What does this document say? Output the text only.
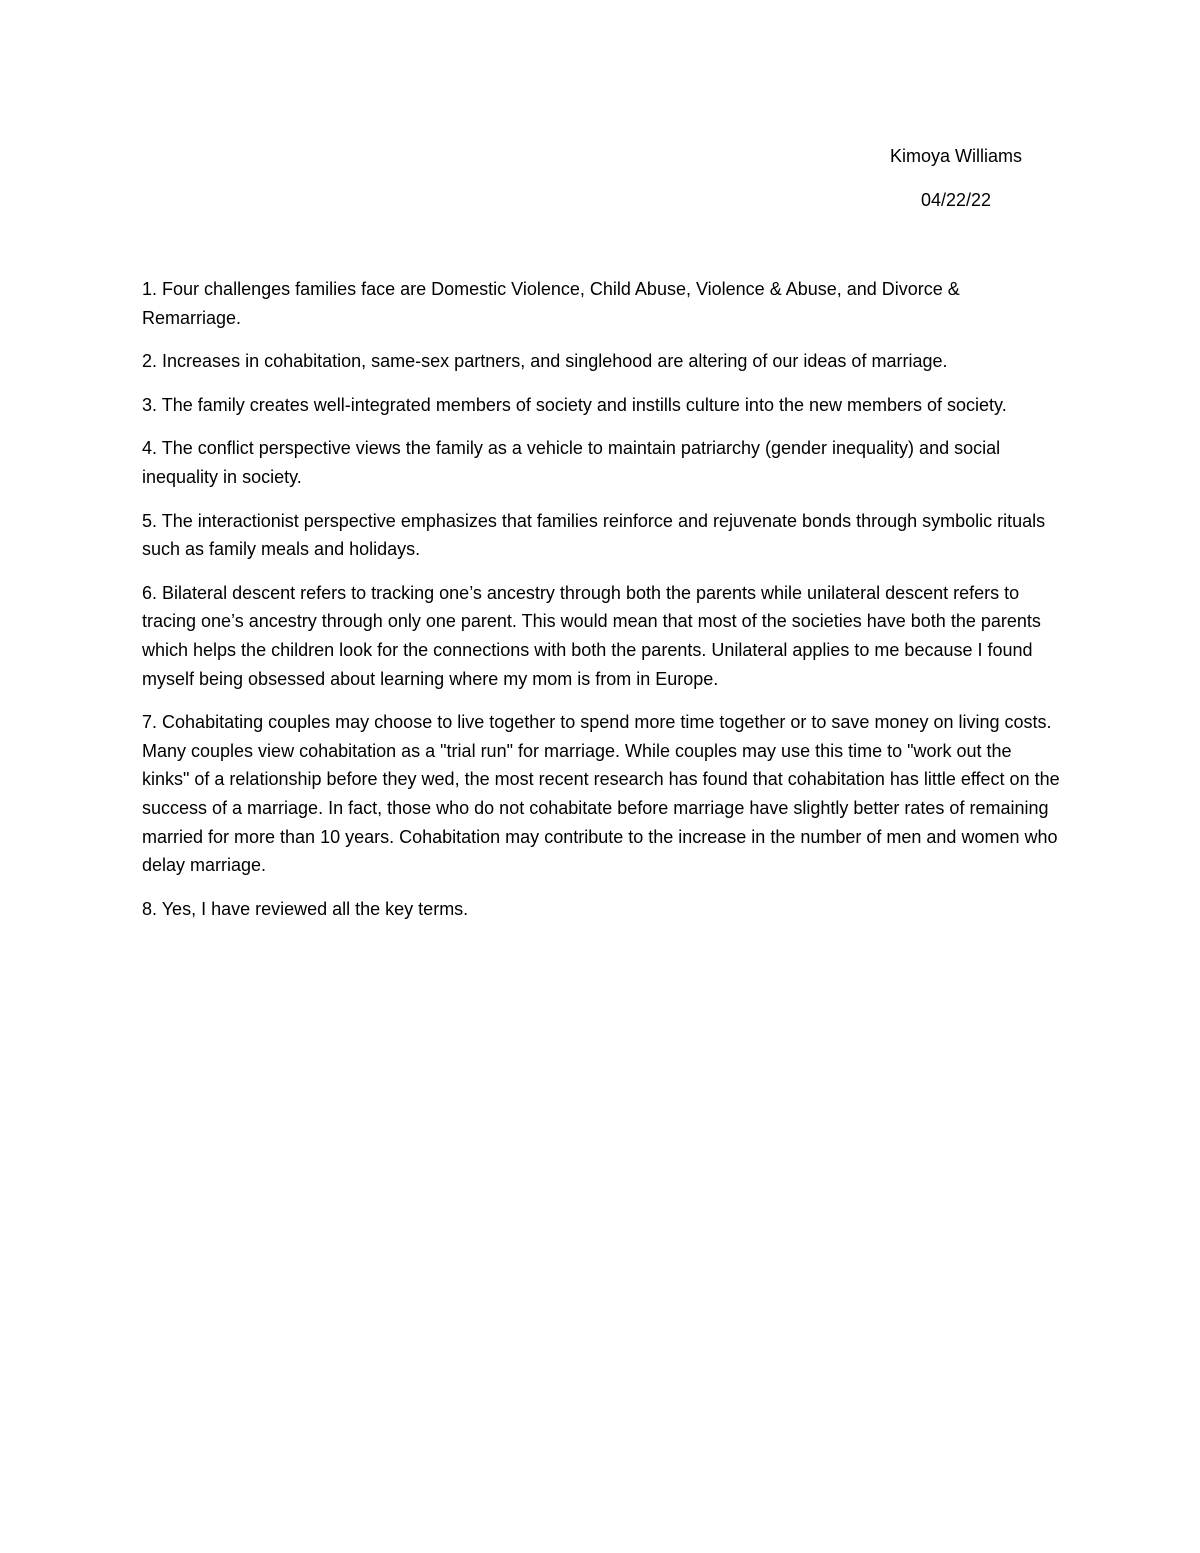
Kimoya Williams
04/22/22

1. Four challenges families face are Domestic Violence, Child Abuse, Violence & Abuse, and Divorce & Remarriage.

2. Increases in cohabitation, same-sex partners, and singlehood are altering of our ideas of marriage.

3. The family creates well-integrated members of society and instills culture into the new members of society.

4. The conflict perspective views the family as a vehicle to maintain patriarchy (gender inequality) and social inequality in society.

5. The interactionist perspective emphasizes that families reinforce and rejuvenate bonds through symbolic rituals such as family meals and holidays.

6. Bilateral descent refers to tracking one’s ancestry through both the parents while unilateral descent refers to tracing one’s ancestry through only one parent. This would mean that most of the societies have both the parents which helps the children look for the connections with both the parents. Unilateral applies to me because I found myself being obsessed about learning where my mom is from in Europe.

7. Cohabitating couples may choose to live together to spend more time together or to save money on living costs. Many couples view cohabitation as a "trial run" for marriage. While couples may use this time to "work out the kinks" of a relationship before they wed, the most recent research has found that cohabitation has little effect on the success of a marriage. In fact, those who do not cohabitate before marriage have slightly better rates of remaining married for more than 10 years. Cohabitation may contribute to the increase in the number of men and women who delay marriage.

8. Yes, I have reviewed all the key terms.
